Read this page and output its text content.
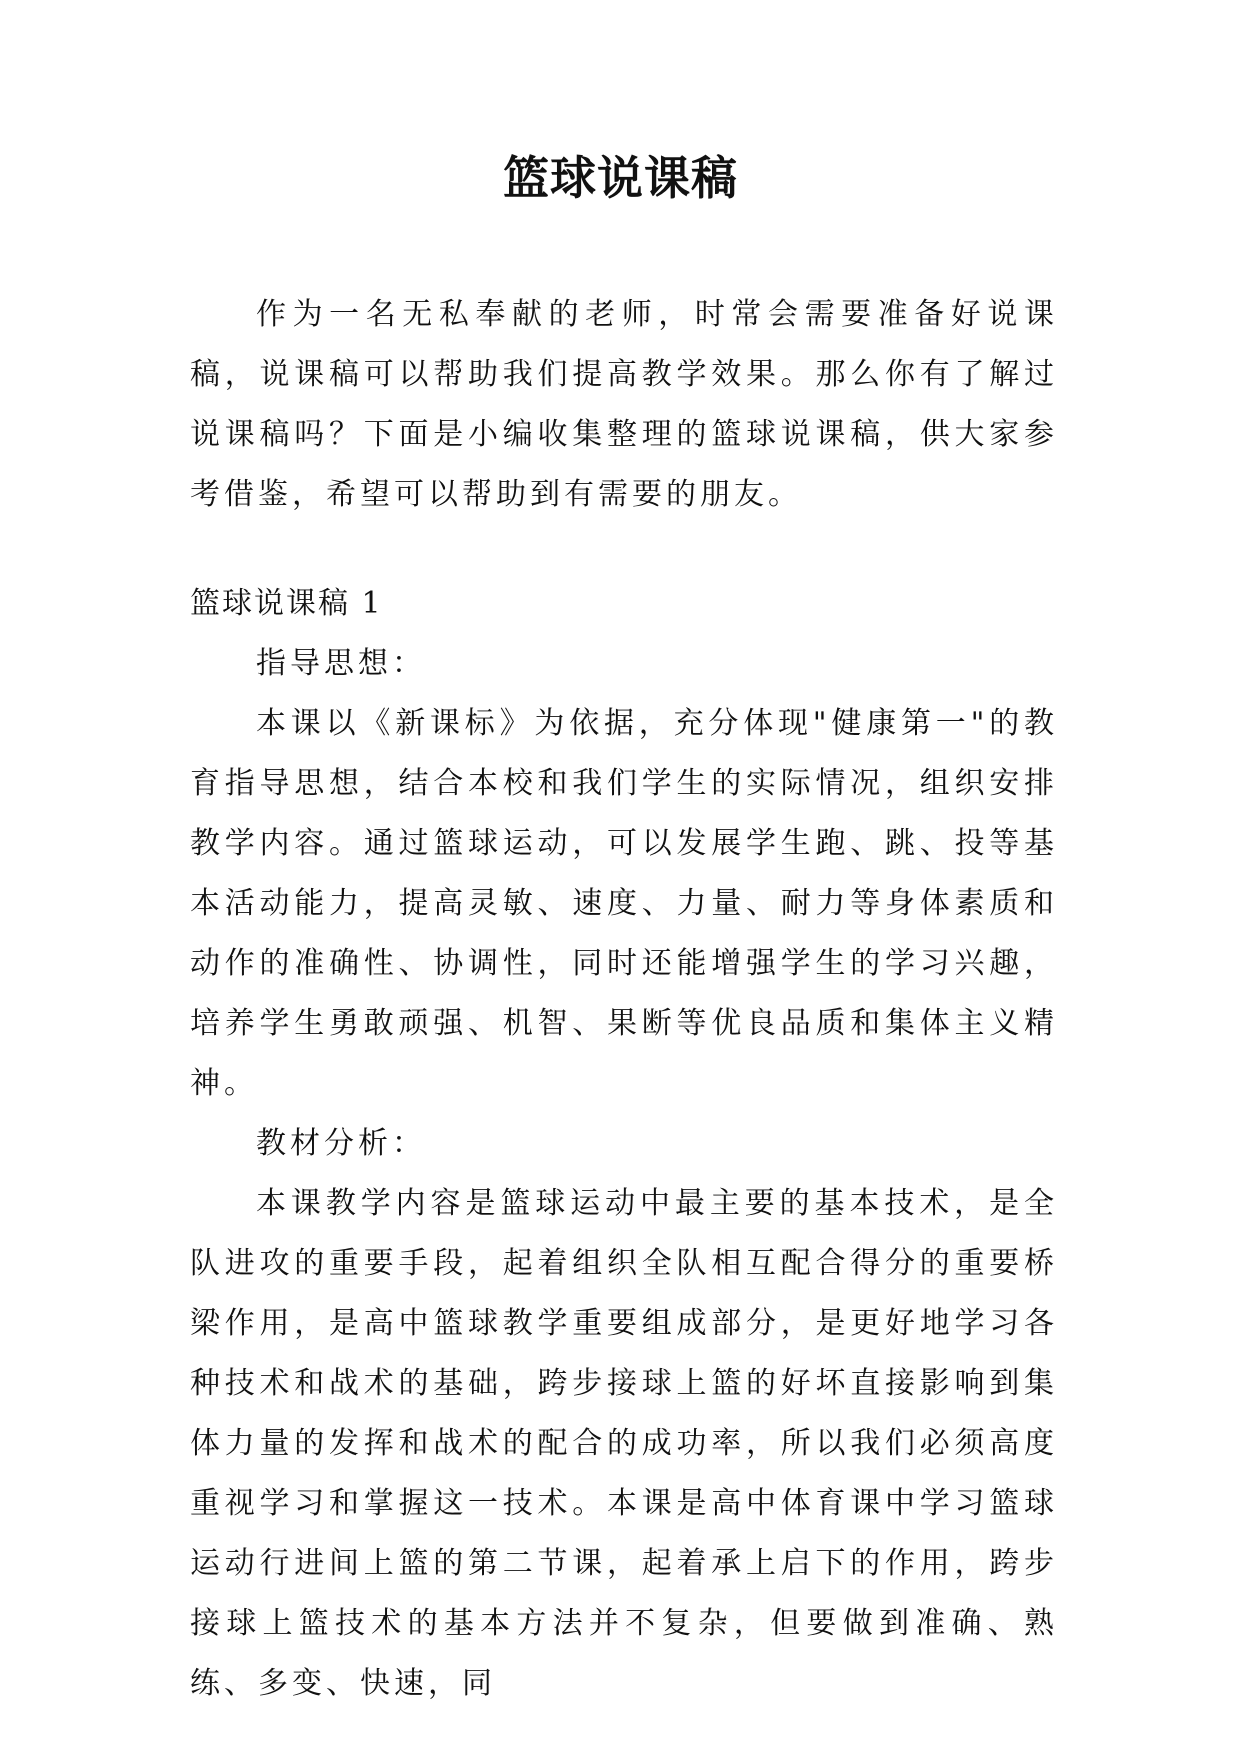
篮球说课稿

作为一名无私奉献的老师，时常会需要准备好说课稿，说课稿可以帮助我们提高教学效果。那么你有了解过说课稿吗？下面是小编收集整理的篮球说课稿，供大家参考借鉴，希望可以帮助到有需要的朋友。

篮球说课稿 1

指导思想：

本课以《新课标》为依据，充分体现"健康第一"的教育指导思想，结合本校和我们学生的实际情况，组织安排教学内容。通过篮球运动，可以发展学生跑、跳、投等基本活动能力，提高灵敏、速度、力量、耐力等身体素质和动作的准确性、协调性，同时还能增强学生的学习兴趣，培养学生勇敢顽强、机智、果断等优良品质和集体主义精神。

教材分析：

本课教学内容是篮球运动中最主要的基本技术，是全队进攻的重要手段，起着组织全队相互配合得分的重要桥梁作用，是高中篮球教学重要组成部分，是更好地学习各种技术和战术的基础，跨步接球上篮的好坏直接影响到集体力量的发挥和战术的配合的成功率，所以我们必须高度重视学习和掌握这一技术。本课是高中体育课中学习篮球运动行进间上篮的第二节课，起着承上启下的作用，跨步接球上篮技术的基本方法并不复杂，但要做到准确、熟练、多变、快速，同
